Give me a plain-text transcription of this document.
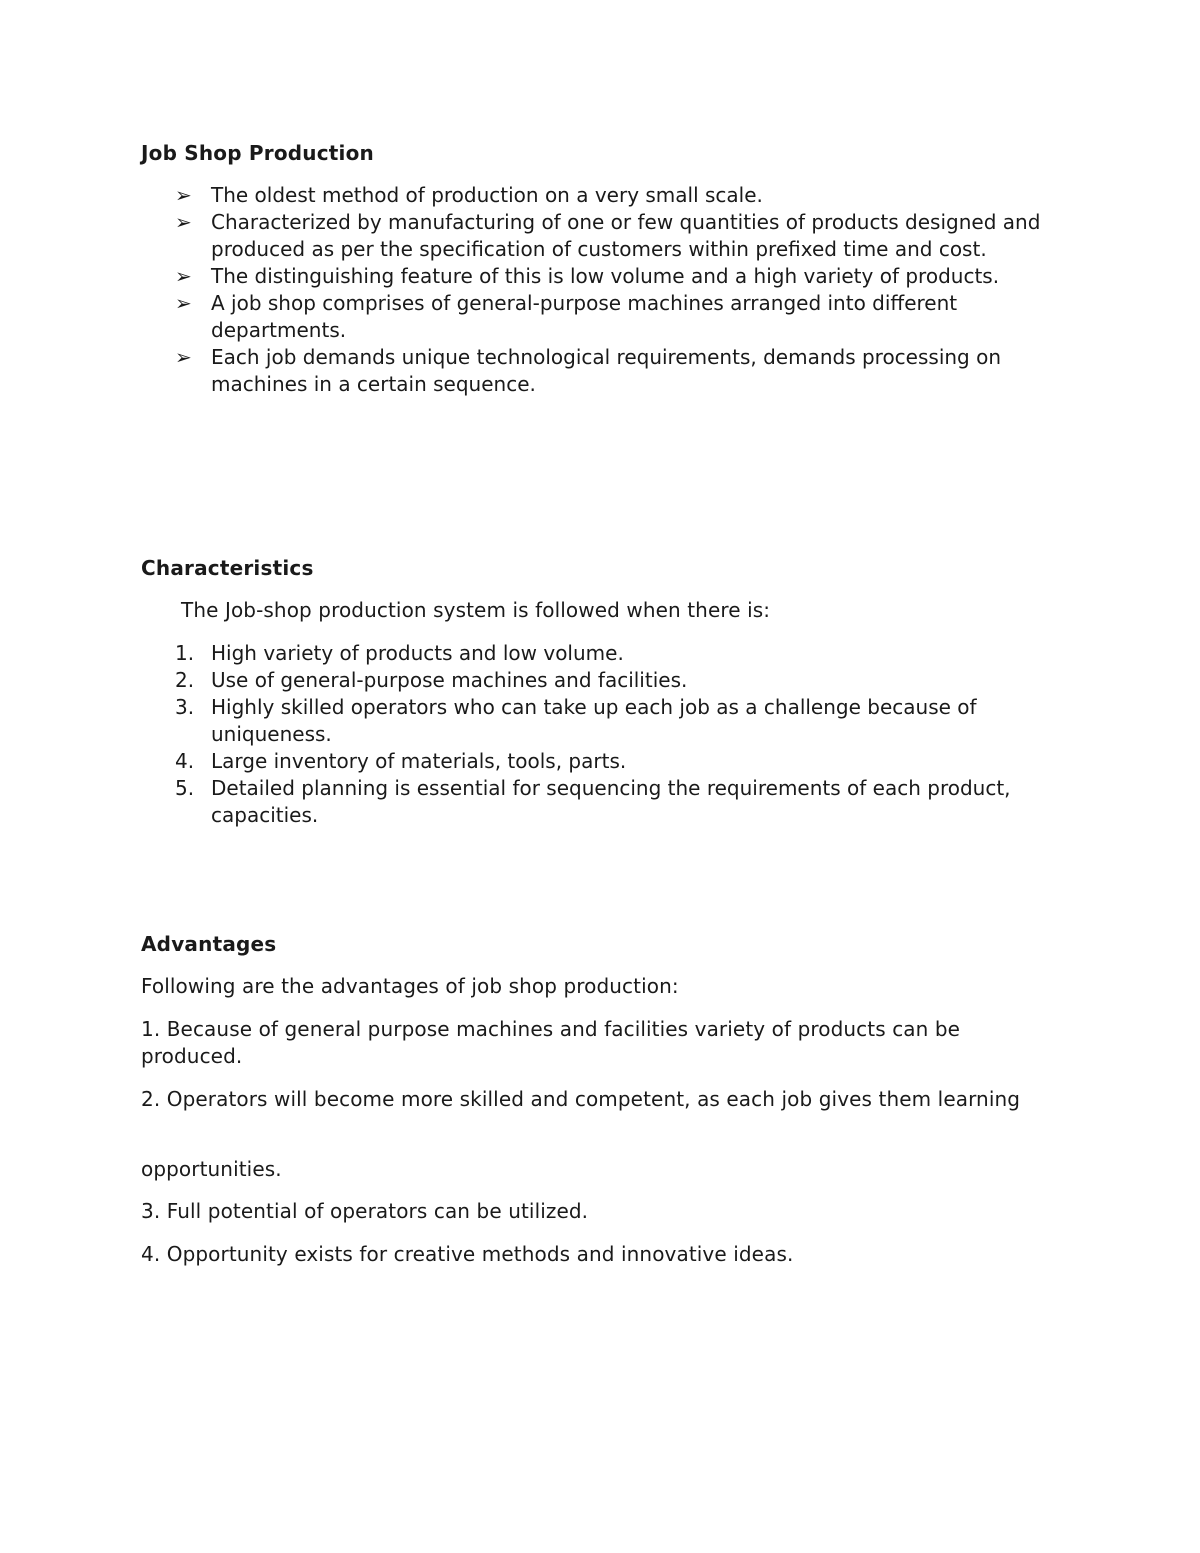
Job Shop Production
➢ The oldest method of production on a very small scale.
➢ Characterized by manufacturing of one or few quantities of products designed and produced as per the specification of customers within prefixed time and cost.
➢ The distinguishing feature of this is low volume and a high variety of products.
➢ A job shop comprises of general-purpose machines arranged into different departments.
➢ Each job demands unique technological requirements, demands processing on machines in a certain sequence.
Characteristics

The Job-shop production system is followed when there is:

1. High variety of products and low volume.
2. Use of general-purpose machines and facilities.
3. Highly skilled operators who can take up each job as a challenge because of uniqueness.
4. Large inventory of materials, tools, parts.
5. Detailed planning is essential for sequencing the requirements of each product, capacities.
Advantages

Following are the advantages of job shop production:

1. Because of general purpose machines and facilities variety of products can be produced.

2. Operators will become more skilled and competent, as each job gives them learning

opportunities.

3. Full potential of operators can be utilized.

4. Opportunity exists for creative methods and innovative ideas.
